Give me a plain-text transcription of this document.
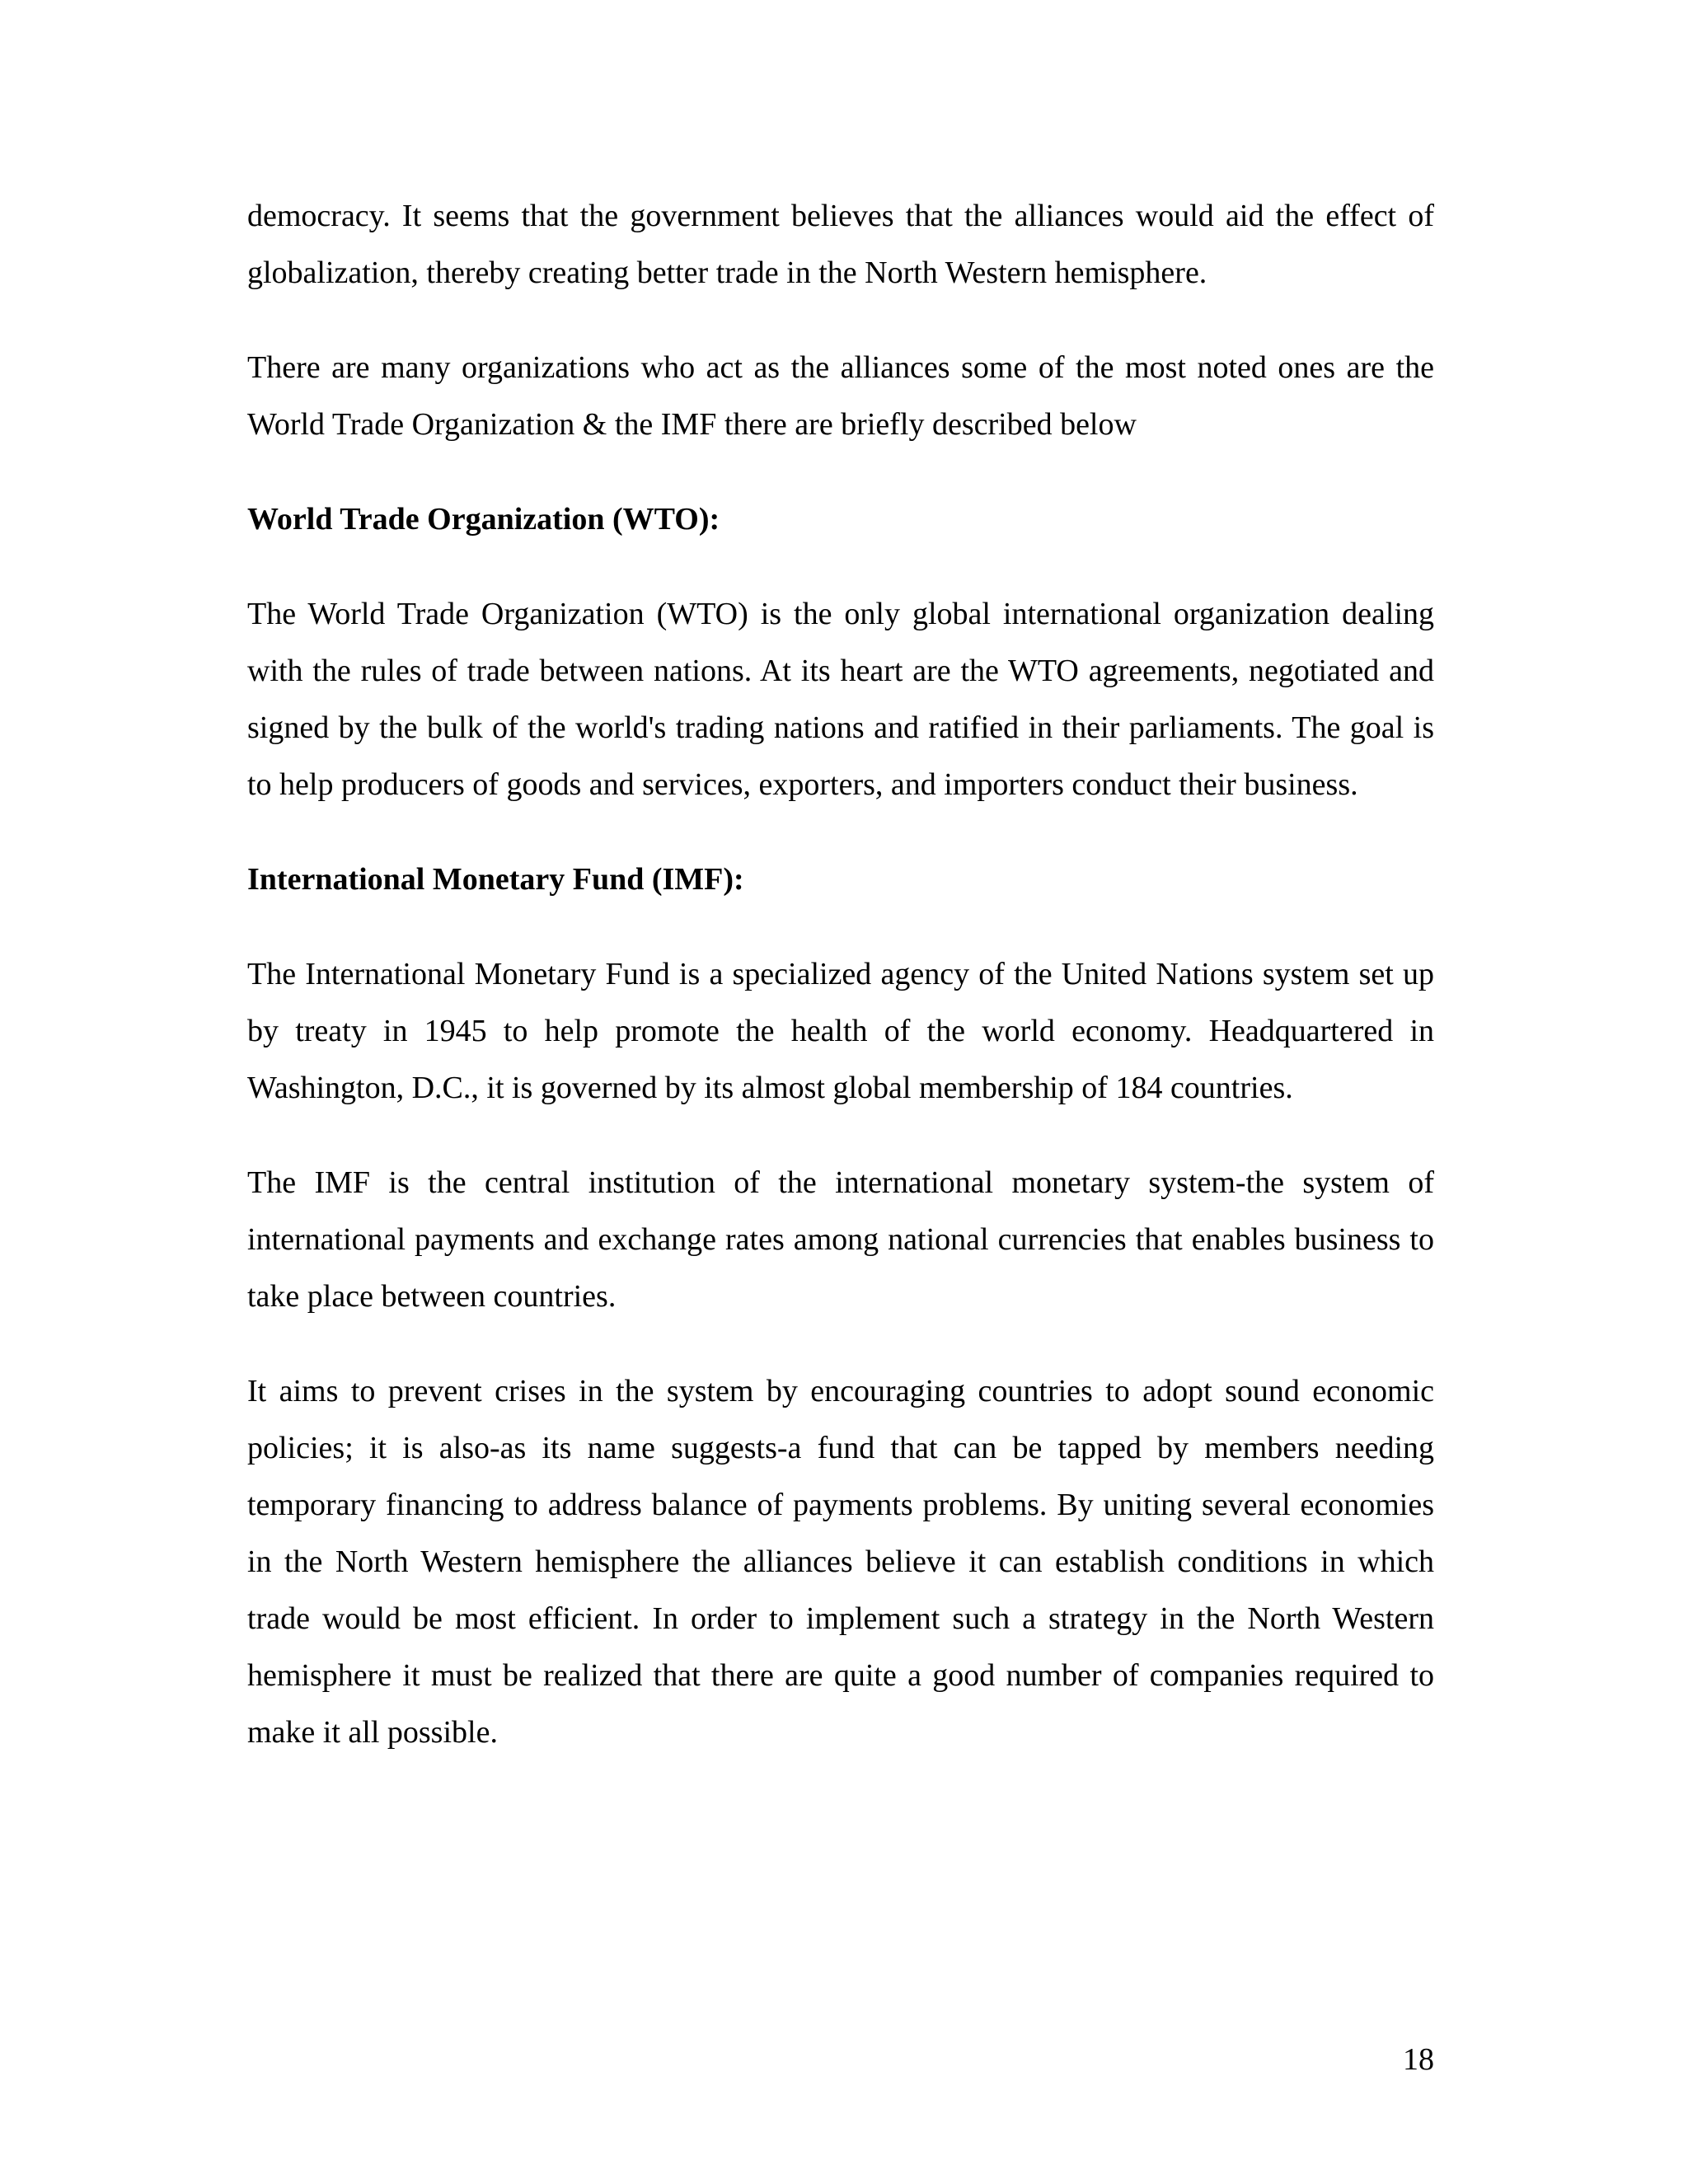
democracy. It seems that the government believes that the alliances would aid the effect of globalization, thereby creating better trade in the North Western hemisphere.

There are many organizations who act as the alliances some of the most noted ones are the World Trade Organization & the IMF there are briefly described below

World Trade Organization (WTO):

The World Trade Organization (WTO) is the only global international organization dealing with the rules of trade between nations. At its heart are the WTO agreements, negotiated and signed by the bulk of the world's trading nations and ratified in their parliaments. The goal is to help producers of goods and services, exporters, and importers conduct their business.

International Monetary Fund (IMF):

The International Monetary Fund is a specialized agency of the United Nations system set up by treaty in 1945 to help promote the health of the world economy. Headquartered in Washington, D.C., it is governed by its almost global membership of 184 countries.

The IMF is the central institution of the international monetary system-the system of international payments and exchange rates among national currencies that enables business to take place between countries.

It aims to prevent crises in the system by encouraging countries to adopt sound economic policies; it is also-as its name suggests-a fund that can be tapped by members needing temporary financing to address balance of payments problems. By uniting several economies in the North Western hemisphere the alliances believe it can establish conditions in which trade would be most efficient. In order to implement such a strategy in the North Western hemisphere it must be realized that there are quite a good number of companies required to make it all possible.

18
